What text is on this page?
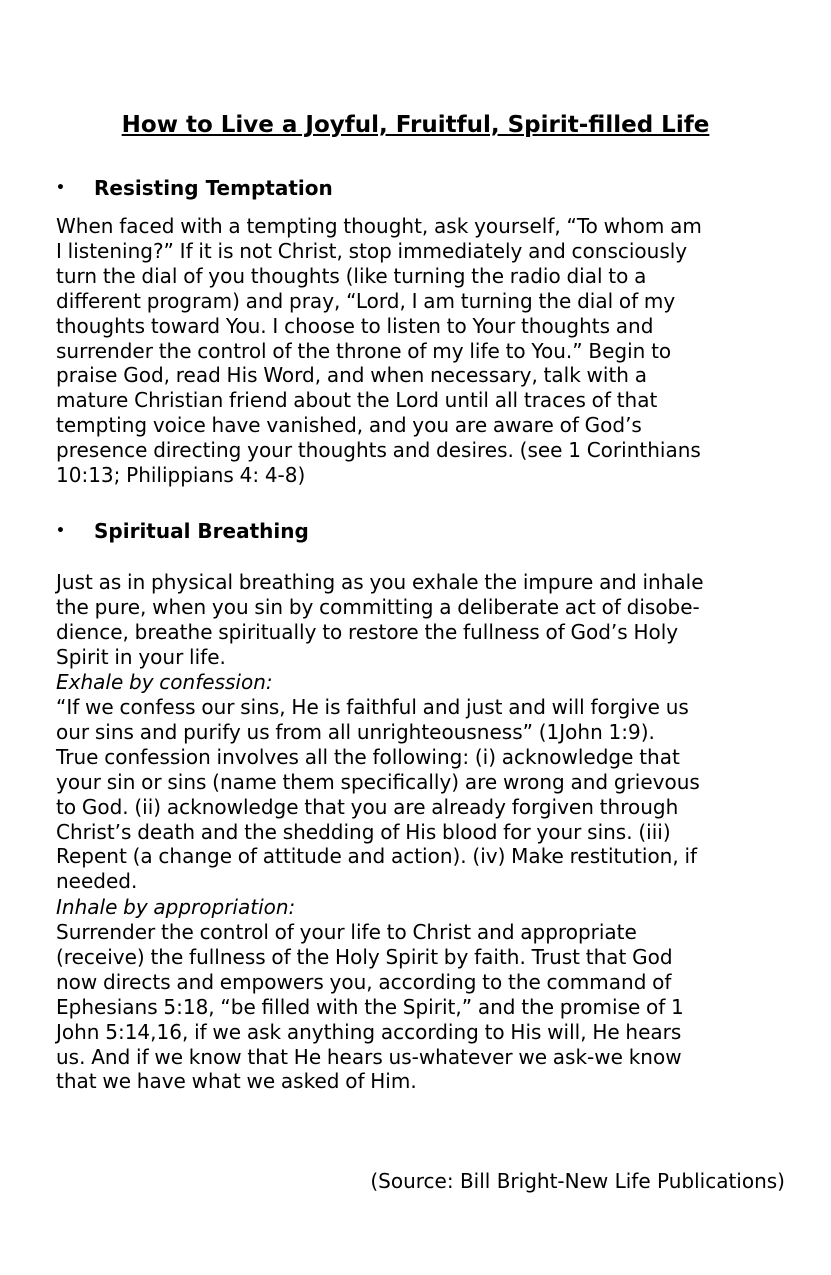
How to Live a Joyful, Fruitful, Spirit-filled Life
• Resisting Temptation
When faced with a tempting thought, ask yourself, “To whom am
I listening?” If it is not Christ, stop immediately and consciously
turn the dial of you thoughts (like turning the radio dial to a
different program) and pray, “Lord, I am turning the dial of my
thoughts toward You. I choose to listen to Your thoughts and
surrender the control of the throne of my life to You.” Begin to
praise God, read His Word, and when necessary, talk with a
mature Christian friend about the Lord until all traces of that
tempting voice have vanished, and you are aware of God’s
presence directing your thoughts and desires. (see 1 Corinthians
10:13; Philippians 4: 4-8)
• Spiritual Breathing
Just as in physical breathing as you exhale the impure and inhale
the pure, when you sin by committing a deliberate act of disobe-
dience, breathe spiritually to restore the fullness of God’s Holy
Spirit in your life.
Exhale by confession:
“If we confess our sins, He is faithful and just and will forgive us
our sins and purify us from all unrighteousness” (1John 1:9).
True confession involves all the following: (i) acknowledge that
your sin or sins (name them specifically) are wrong and grievous
to God. (ii) acknowledge that you are already forgiven through
Christ’s death and the shedding of His blood for your sins. (iii)
Repent (a change of attitude and action). (iv) Make restitution, if
needed.
Inhale by appropriation:
Surrender the control of your life to Christ and appropriate
(receive) the fullness of the Holy Spirit by faith. Trust that God
now directs and empowers you, according to the command of
Ephesians 5:18, “be filled with the Spirit,” and the promise of 1
John 5:14,16, if we ask anything according to His will, He hears
us. And if we know that He hears us-whatever we ask-we know
that we have what we asked of Him.
(Source: Bill Bright-New Life Publications)
